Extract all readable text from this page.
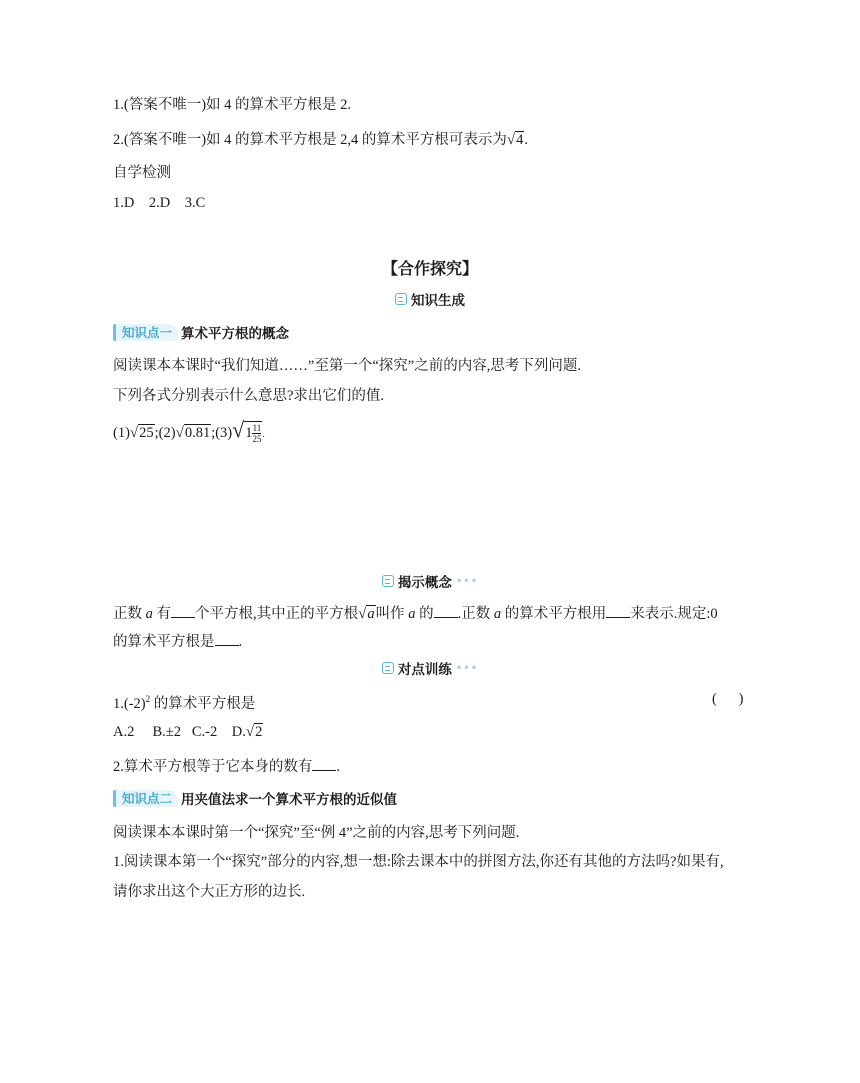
1.(答案不唯一)如 4 的算术平方根是 2.
2.(答案不唯一)如 4 的算术平方根是 2,4 的算术平方根可表示为√4.
自学检测
1.D    2.D    3.C
【合作探究】
知识生成
知识点一 算术平方根的概念
阅读课本本课时“我们知道……”至第一个“探究”之前的内容,思考下列问题.
下列各式分别表示什么意思?求出它们的值.
(1)√25;(2)√0.81;(3)√1 $\frac{11}{25}$ .
揭示概念 •••
正数 a 有 个平方根,其中正的平方根√a叫作 a 的 .正数 a 的算术平方根用 来表示.规定:0
的算术平方根是 .
对点训练 •••
$1.(-2)^2$ 的算术平方根是	(      )
A.2 B.±2 C.-2 D.√2
2.算术平方根等于它本身的数有 .
知识点二 用夹值法求一个算术平方根的近似值
阅读课本本课时第一个“探究”至“例 4”之前的内容,思考下列问题.
1.阅读课本第一个“探究”部分的内容,想一想:除去课本中的拼图方法,你还有其他的方法吗?如果有,
请你求出这个大正方形的边长.
